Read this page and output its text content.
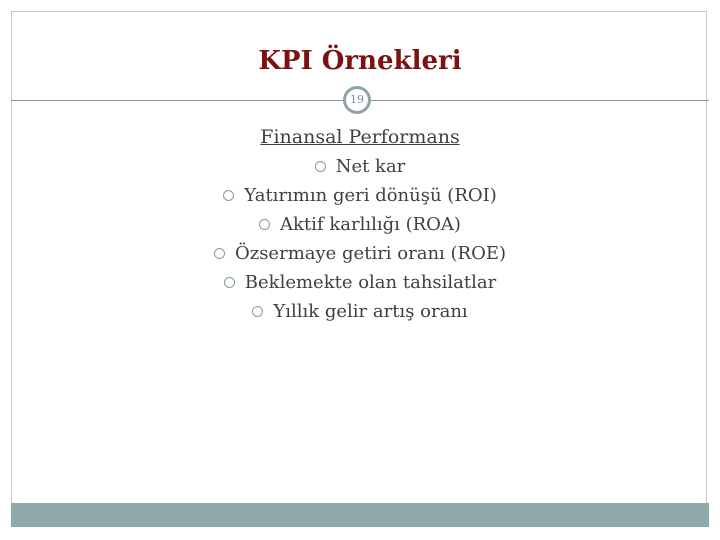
KPI Örnekleri
19
Finansal Performans
Net kar
Yatırımın geri dönüşü (ROI)
Aktif karlılığı (ROA)
Özsermaye getiri oranı (ROE)
Beklemekte olan tahsilatlar
Yıllık gelir artış oranı
